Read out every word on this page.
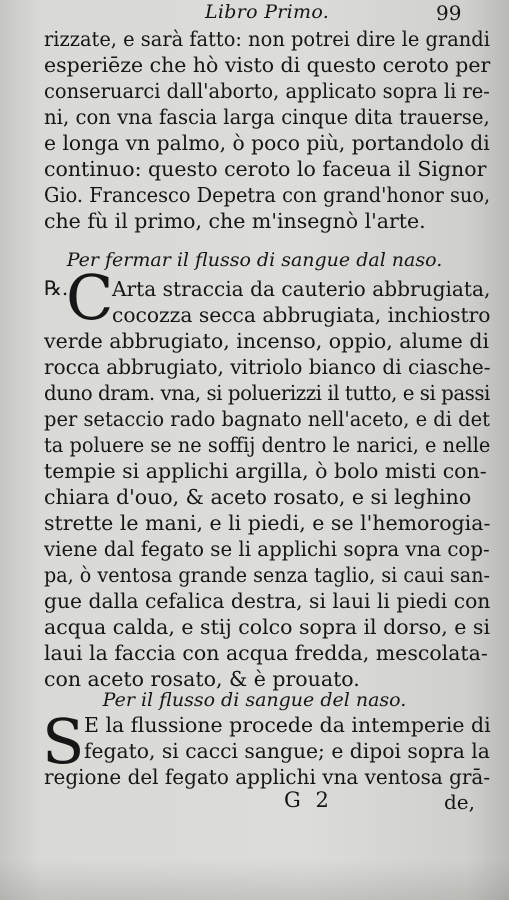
Libro Primo.	99
rizzate, e sarà fatto: non potrei dire le grandi
esperiēze che hò visto di questo ceroto per
conseruarci dall'aborto, applicato sopra li re-
ni, con vna fascia larga cinque dita trauerse,
e longa vn palmo, ò poco più, portandolo di
continuo: questo ceroto lo faceua il Signor
Gio. Francesco Depetra con grand'honor suo,
che fù il primo, che m'insegnò l'arte.
Per fermar il flusso di sangue dal naso.
℞.
C
Arta straccia da cauterio abbrugiata,
cocozza secca abbrugiata, inchiostro
verde abbrugiato, incenso, oppio, alume di
rocca abbrugiato, vitriolo bianco di ciasche-
duno dram. vna, si poluerizzi il tutto, e si passi
per setaccio rado bagnato nell'aceto, e di det
ta poluere se ne soffij dentro le narici, e nelle
tempie si applichi argilla, ò bolo misti con-
chiara d'ouo, & aceto rosato, e si leghino
strette le mani, e li piedi, e se l'hemorogia-
viene dal fegato se li applichi sopra vna cop-
pa, ò ventosa grande senza taglio, si caui san-
gue dalla cefalica destra, si laui li piedi con
acqua calda, e stij colco sopra il dorso, e si
laui la faccia con acqua fredda, mescolata-
con aceto rosato, & è prouato.
Per il flusso di sangue del naso.
S E la flussione procede da intemperie di
fegato, si cacci sangue; e dipoi sopra la
regione del fegato applichi vna ventosa grā-
G 2	de,
